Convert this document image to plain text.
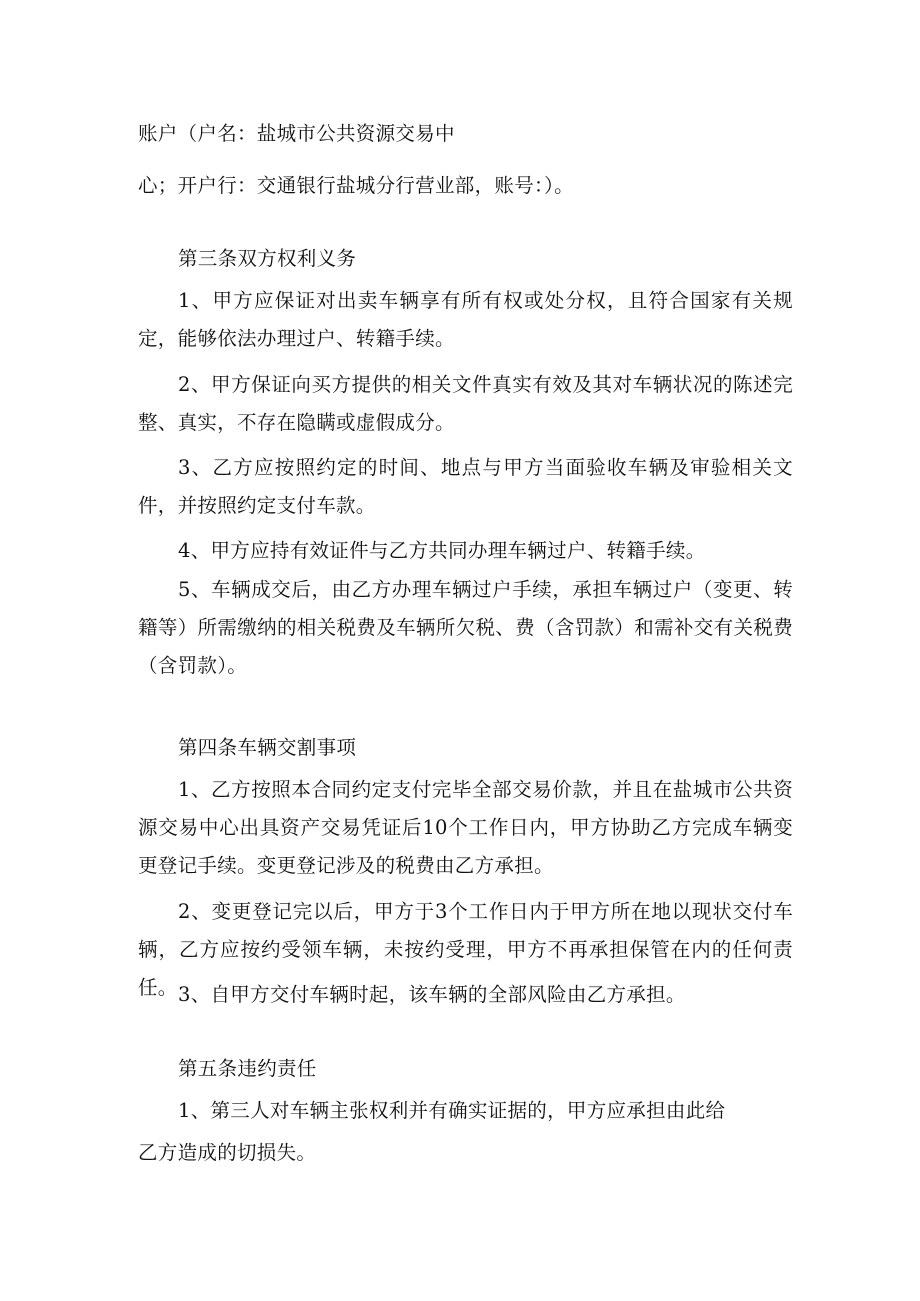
账户（户名：盐城市公共资源交易中
心；开户行：交通银行盐城分行营业部，账号：）。
第三条双方权利义务
1、甲方应保证对出卖车辆享有所有权或处分权，且符合国家有关规定，能够依法办理过户、转籍手续。
2、甲方保证向买方提供的相关文件真实有效及其对车辆状况的陈述完整、真实，不存在隐瞒或虚假成分。
3、乙方应按照约定的时间、地点与甲方当面验收车辆及审验相关文件，并按照约定支付车款。
4、甲方应持有效证件与乙方共同办理车辆过户、转籍手续。
5、车辆成交后，由乙方办理车辆过户手续，承担车辆过户（变更、转籍等）所需缴纳的相关税费及车辆所欠税、费（含罚款）和需补交有关税费（含罚款）。
第四条车辆交割事项
1、乙方按照本合同约定支付完毕全部交易价款，并且在盐城市公共资源交易中心出具资产交易凭证后10个工作日内，甲方协助乙方完成车辆变更登记手续。变更登记涉及的税费由乙方承担。
2、变更登记完以后，甲方于3个工作日内于甲方所在地以现状交付车辆，乙方应按约受领车辆，未按约受理，甲方不再承担保管在内的任何责任。 3、自甲方交付车辆时起，该车辆的全部风险由乙方承担。
第五条违约责任
1、第三人对车辆主张权利并有确实证据的，甲方应承担由此给
乙方造成的切损失。
